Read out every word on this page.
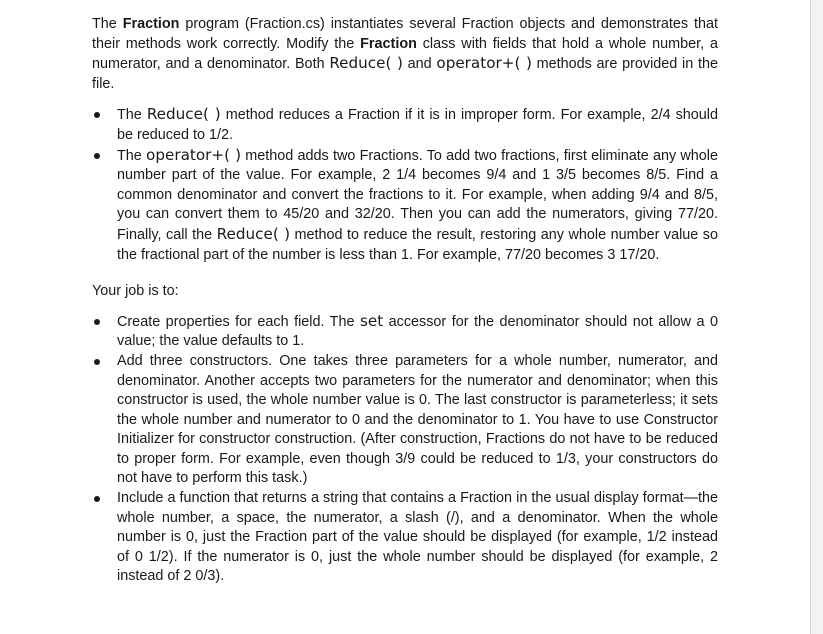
The Fraction program (Fraction.cs) instantiates several Fraction objects and demonstrates that their methods work correctly. Modify the Fraction class with fields that hold a whole number, a numerator, and a denominator. Both Reduce( ) and operator+( ) methods are provided in the file.

The Reduce( ) method reduces a Fraction if it is in improper form. For example, 2/4 should be reduced to 1/2.
The operator+( ) method adds two Fractions. To add two fractions, first eliminate any whole number part of the value. For example, 2 1/4 becomes 9/4 and 1 3/5 becomes 8/5. Find a common denominator and convert the fractions to it. For example, when adding 9/4 and 8/5, you can convert them to 45/20 and 32/20. Then you can add the numerators, giving 77/20. Finally, call the Reduce( ) method to reduce the result, restoring any whole number value so the fractional part of the number is less than 1. For example, 77/20 becomes 3 17/20.

Your job is to:

Create properties for each field. The set accessor for the denominator should not allow a 0 value; the value defaults to 1.
Add three constructors. One takes three parameters for a whole number, numerator, and denominator. Another accepts two parameters for the numerator and denominator; when this constructor is used, the whole number value is 0. The last constructor is parameterless; it sets the whole number and numerator to 0 and the denominator to 1. You have to use Constructor Initializer for constructor construction. (After construction, Fractions do not have to be reduced to proper form. For example, even though 3/9 could be reduced to 1/3, your constructors do not have to perform this task.)
Include a function that returns a string that contains a Fraction in the usual display format—the whole number, a space, the numerator, a slash (/), and a denominator. When the whole number is 0, just the Fraction part of the value should be displayed (for example, 1/2 instead of 0 1/2). If the numerator is 0, just the whole number should be displayed (for example, 2 instead of 2 0/3).
